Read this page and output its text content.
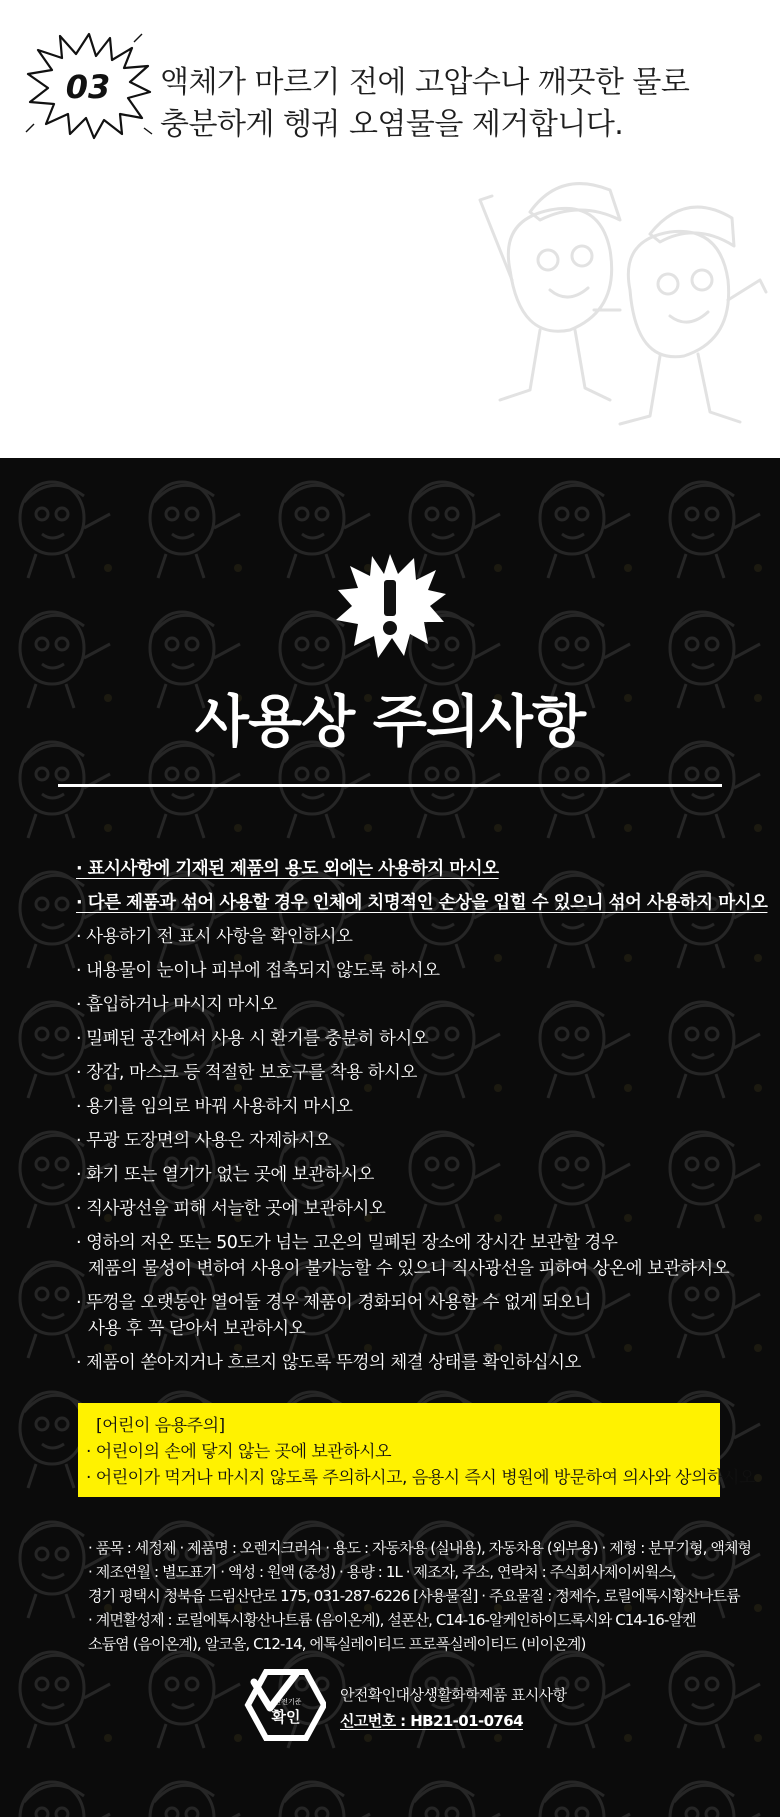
03 액체가 마르기 전에 고압수나 깨끗한 물로
충분하게 헹궈 오염물을 제거합니다.
사용상 주의사항
· 표시사항에 기재된 제품의 용도 외에는 사용하지 마시오
· 다른 제품과 섞어 사용할 경우 인체에 치명적인 손상을 입힐 수 있으니 섞어 사용하지 마시오
· 사용하기 전 표시 사항을 확인하시오
· 내용물이 눈이나 피부에 접촉되지 않도록 하시오
· 흡입하거나 마시지 마시오
· 밀폐된 공간에서 사용 시 환기를 충분히 하시오
· 장갑, 마스크 등 적절한 보호구를 착용 하시오
· 용기를 임의로 바꿔 사용하지 마시오
· 무광 도장면의 사용은 자제하시오
· 화기 또는 열기가 없는 곳에 보관하시오
· 직사광선을 피해 서늘한 곳에 보관하시오
· 영하의 저온 또는 50도가 넘는 고온의 밀폐된 장소에 장시간 보관할 경우
제품의 물성이 변하여 사용이 불가능할 수 있으니 직사광선을 피하여 상온에 보관하시오
· 뚜껑을 오랫동안 열어둘 경우 제품이 경화되어 사용할 수 없게 되오니
사용 후 꼭 닫아서 보관하시오
· 제품이 쏟아지거나 흐르지 않도록 뚜껑의 체결 상태를 확인하십시오
[어린이 음용주의]
· 어린이의 손에 닿지 않는 곳에 보관하시오
· 어린이가 먹거나 마시지 않도록 주의하시고, 음용시 즉시 병원에 방문하여 의사와 상의하시오
· 품목 : 세정제 · 제품명 : 오렌지크러쉬 · 용도 : 자동차용 (실내용), 자동차용 (외부용) · 제형 : 분무기형, 액체형
· 제조연월 : 별도표기 · 액성 : 원액 (중성) · 용량 : 1L · 제조자, 주소, 연락처 : 주식회사제이씨웍스,
경기 평택시 청북읍 드림산단로 175, 031-287-6226 [사용물질] · 주요물질 : 정제수, 로릴에톡시황산나트륨
· 계면활성제 : 로릴에톡시황산나트륨 (음이온계), 설폰산, C14-16-알케인하이드록시와 C14-16-알켄
소듐염 (음이온계), 알코올, C12-14, 에톡실레이티드 프로폭실레이티드 (비이온계)
안전기준
확인
안전확인대상생활화학제품 표시사항
신고번호 : HB21-01-0764
